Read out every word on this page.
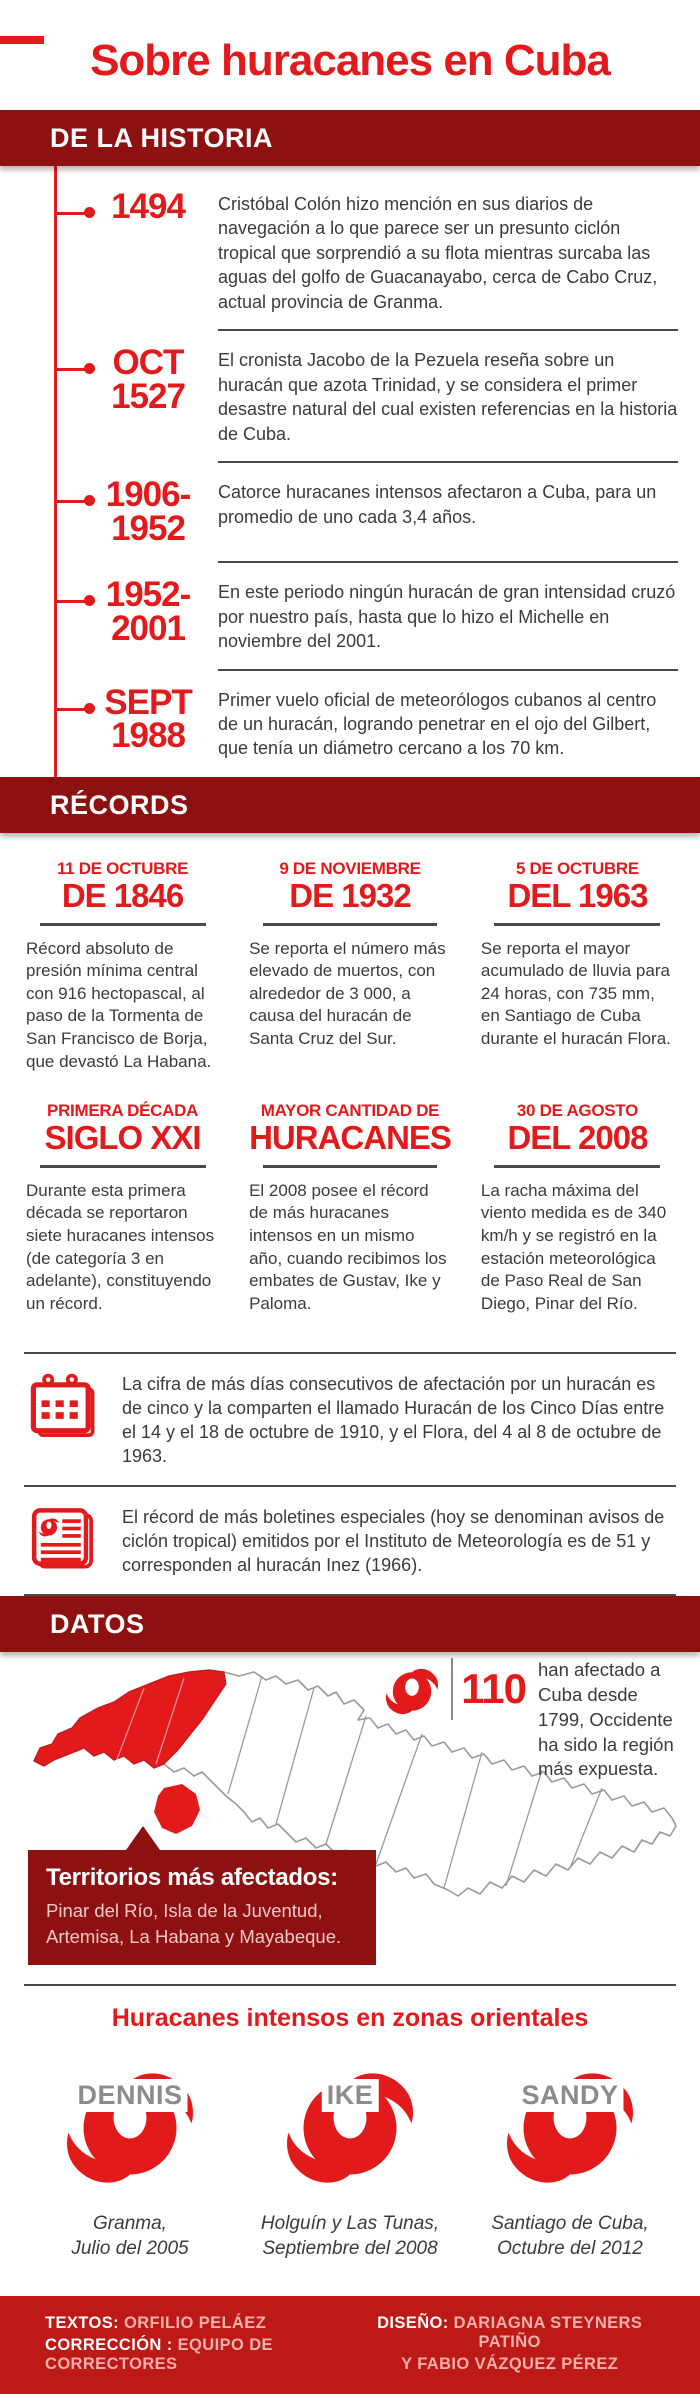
Sobre huracanes en Cuba
DE LA HISTORIA
1494	Cristóbal Colón hizo mención en sus diarios de navegación a lo que parece ser un presunto ciclón tropical que sorprendió a su flota mientras surcaba las aguas del golfo de Guacanayabo, cerca de Cabo Cruz, actual provincia de Granma.
OCT
1527
El cronista Jacobo de la Pezuela reseña sobre un huracán que azota Trinidad, y se considera el primer desastre natural del cual existen referencias en la historia de Cuba.
1906-
1952
Catorce huracanes intensos afectaron a Cuba, para un promedio de uno cada 3,4 años.
1952-
2001
En este periodo ningún huracán de gran intensidad cruzó por nuestro país, hasta que lo hizo el Michelle en noviembre del 2001.
SEPT
1988
Primer vuelo oficial de meteorólogos cubanos al centro de un huracán, logrando penetrar en el ojo del Gilbert, que tenía un diámetro cercano a los 70 km.
RÉCORDS
11 DE OCTUBRE
DE 1846
Récord absoluto de presión mínima central con 916 hectopascal, al paso de la Tormenta de San Francisco de Borja, que devastó La Habana.
9 DE NOVIEMBRE
DE 1932
Se reporta el número más elevado de muertos, con alrededor de 3 000, a causa del huracán de Santa Cruz del Sur.
5 DE OCTUBRE
DEL 1963
Se reporta el mayor acumulado de lluvia para 24 horas, con 735 mm, en Santiago de Cuba durante el huracán Flora.
PRIMERA DÉCADA
SIGLO XXI
Durante esta primera década se reportaron siete huracanes intensos (de categoría 3 en adelante), constituyendo un récord.
MAYOR CANTIDAD DE
HURACANES
El 2008 posee el récord de más huracanes intensos en un mismo año, cuando recibimos los embates de Gustav, Ike y Paloma.
30 DE AGOSTO
DEL 2008
La racha máxima del viento medida es de 340 km/h y se registró en la estación meteorológica de Paso Real de San Diego, Pinar del Río.
La cifra de más días consecutivos de afectación por un huracán es de cinco y la comparten el llamado Huracán de los Cinco Días entre el 14 y el 18 de octubre de 1910, y el Flora, del 4 al 8 de octubre de 1963.
El récord de más boletines especiales (hoy se denominan avisos de ciclón tropical) emitidos por el Instituto de Meteorología es de 51 y corresponden al huracán Inez (1966).
DATOS
110 han afectado a Cuba desde 1799, Occidente ha sido la región más expuesta.
Territorios más afectados:
Pinar del Río, Isla de la Juventud,
Artemisa, La Habana y Mayabeque.
Huracanes intensos en zonas orientales
DENNIS
Granma,
Julio del 2005
IKE
Holguín y Las Tunas,
Septiembre del 2008
SANDY
Santiago de Cuba,
Octubre del 2012
TEXTOS: ORFILIO PELÁEZ
CORRECCIÓN : EQUIPO DE CORRECTORES
DISEÑO: DARIAGNA STEYNERS PATIÑO
Y FABIO VÁZQUEZ PÉREZ
